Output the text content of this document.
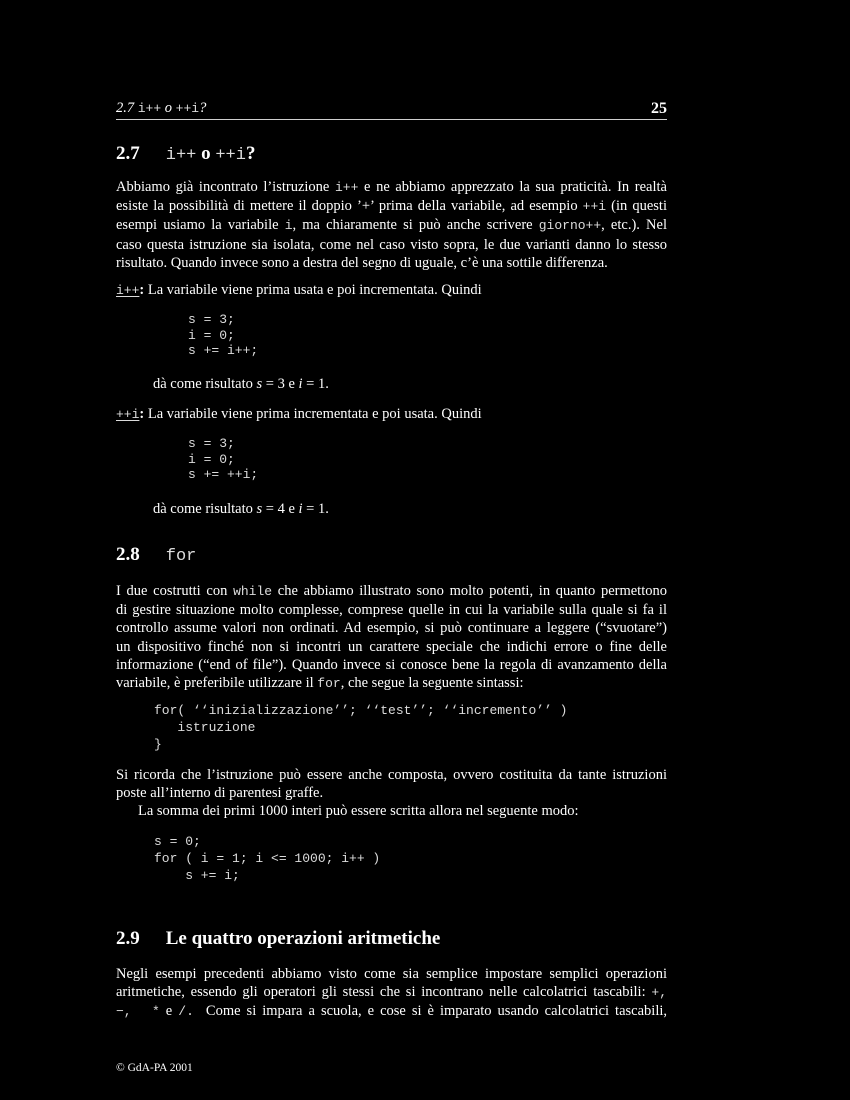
2.7 i++ o ++i?	25
2.7 i++ o ++i?
Abbiamo già incontrato l’istruzione i++ e ne abbiamo apprezzato la sua praticità. In realtà
esiste la possibilità di mettere il doppio ’+’ prima della variabile, ad esempio ++i (in questi
esempi usiamo la variabile i, ma chiaramente si può anche scrivere giorno++, etc.). Nel
caso questa istruzione sia isolata, come nel caso visto sopra, le due varianti danno lo stesso
risultato. Quando invece sono a destra del segno di uguale, c’è una sottile differenza.
i++: La variabile viene prima usata e poi incrementata. Quindi
s = 3;
i = 0;
s += i++;
dà come risultato s = 3 e i = 1.
++i: La variabile viene prima incrementata e poi usata. Quindi
s = 3;
i = 0;
s += ++i;
dà come risultato s = 4 e i = 1.
2.8 for
I due costrutti con while che abbiamo illustrato sono molto potenti, in quanto permettono
di gestire situazione molto complesse, comprese quelle in cui la variabile sulla quale si fa il
controllo assume valori non ordinati. Ad esempio, si può continuare a leggere (“svuotare”)
un dispositivo finché non si incontri un carattere speciale che indichi errore o fine delle
informazione (“end of file”). Quando invece si conosce bene la regola di avanzamento della
variabile, è preferibile utilizzare il for, che segue la seguente sintassi:
for( ‘‘inizializzazione’’; ‘‘test’’; ‘‘incremento’’ )
istruzione
}
Si ricorda che l’istruzione può essere anche composta, ovvero costituita da tante istruzioni
poste all’interno di parentesi graffe.
La somma dei primi 1000 interi può essere scritta allora nel seguente modo:
s = 0;
for ( i = 1; i <= 1000; i++ )
s += i;
2.9 Le quattro operazioni aritmetiche
Negli esempi precedenti abbiamo visto come sia semplice impostare semplici operazioni
aritmetiche, essendo gli operatori gli stessi che si incontrano nelle calcolatrici tascabili: +,
−,  * e /.  Come si impara a scuola, e cose si è imparato usando calcolatrici tascabili,
© GdA-PA 2001
